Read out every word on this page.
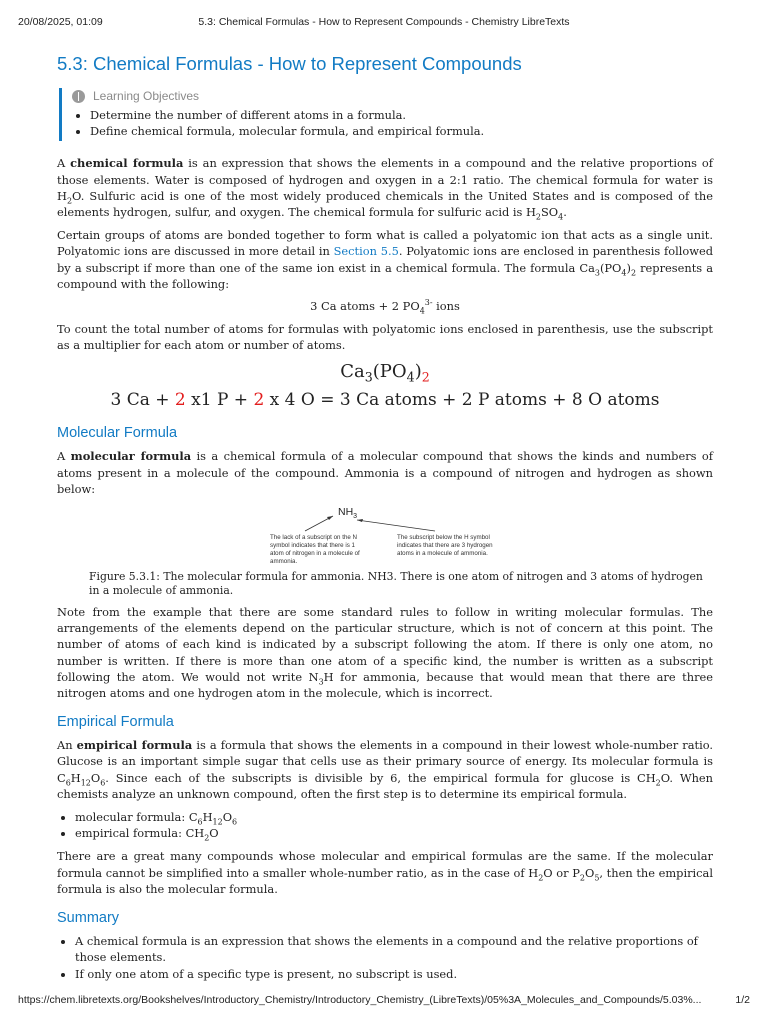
20/08/2025, 01:09	5.3: Chemical Formulas - How to Represent Compounds - Chemistry LibreTexts
5.3: Chemical Formulas - How to Represent Compounds
Learning Objectives
• Determine the number of different atoms in a formula.
• Define chemical formula, molecular formula, and empirical formula.

A chemical formula is an expression that shows the elements in a compound and the relative proportions of those elements. Water is composed of hydrogen and oxygen in a 2:1 ratio. The chemical formula for water is $H_2O$. Sulfuric acid is one of the most widely produced chemicals in the United States and is composed of the elements hydrogen, sulfur, and oxygen. The chemical formula for sulfuric acid is $H_2SO_4$.

Certain groups of atoms are bonded together to form what is called a polyatomic ion that acts as a single unit. Polyatomic ions are discussed in more detail in Section 5.5. Polyatomic ions are enclosed in parenthesis followed by a subscript if more than one of the same ion exist in a chemical formula. The formula $Ca_3(PO_4)_2$ represents a compound with the following:

3 Ca atoms + 2 $PO_4^{3-}$ ions

To count the total number of atoms for formulas with polyatomic ions enclosed in parenthesis, use the subscript as a multiplier for each atom or number of atoms.

$Ca_3(PO_4)_2$
3 Ca + 2 x1 P + 2 x 4 O = 3 Ca atoms + 2 P atoms + 8 O atoms
Molecular Formula

A molecular formula is a chemical formula of a molecular compound that shows the kinds and numbers of atoms present in a molecule of the compound. Ammonia is a compound of nitrogen and hydrogen as shown below:

$NH_3$
The lack of a subscript on the N symbol indicates that there is 1 atom of nitrogen in a molecule of ammonia.
The subscript below the H symbol indicates that there are 3 hydrogen atoms in a molecule of ammonia.

Figure 5.3.1: The molecular formula for ammonia. NH3. There is one atom of nitrogen and 3 atoms of hydrogen in a molecule of ammonia.

Note from the example that there are some standard rules to follow in writing molecular formulas. The arrangements of the elements depend on the particular structure, which is not of concern at this point. The number of atoms of each kind is indicated by a subscript following the atom. If there is only one atom, no number is written. If there is more than one atom of a specific kind, the number is written as a subscript following the atom. We would not write $N_3H$ for ammonia, because that would mean that there are three nitrogen atoms and one hydrogen atom in the molecule, which is incorrect.

Empirical Formula

An empirical formula is a formula that shows the elements in a compound in their lowest whole-number ratio. Glucose is an important simple sugar that cells use as their primary source of energy. Its molecular formula is $C_6H_{12}O_6$. Since each of the subscripts is divisible by 6, the empirical formula for glucose is $CH_2O$. When chemists analyze an unknown compound, often the first step is to determine its empirical formula.

• molecular formula: $C_6H_{12}O_6$
• empirical formula: $CH_2O$

There are a great many compounds whose molecular and empirical formulas are the same. If the molecular formula cannot be simplified into a smaller whole-number ratio, as in the case of $H_2O$ or $P_2O_5$, then the empirical formula is also the molecular formula.

Summary
• A chemical formula is an expression that shows the elements in a compound and the relative proportions of those elements.
• If only one atom of a specific type is present, no subscript is used.
https://chem.libretexts.org/Bookshelves/Introductory_Chemistry/Introductory_Chemistry_(LibreTexts)/05%3A_Molecules_and_Compounds/5.03%...	1/2
